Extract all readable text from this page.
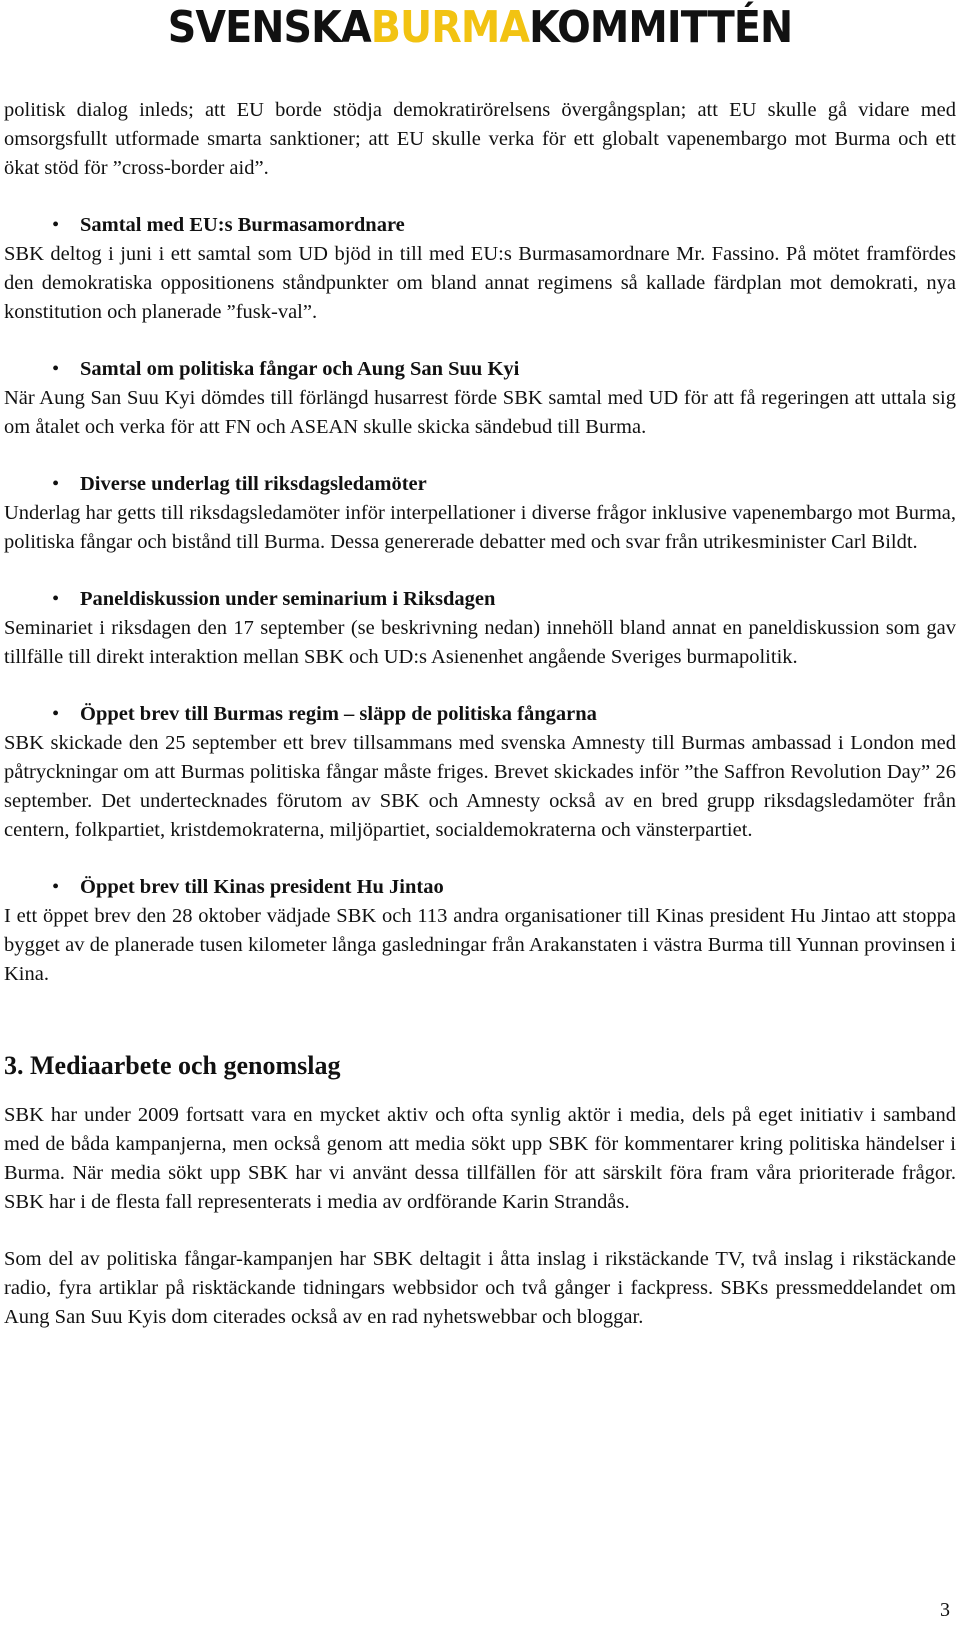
SVENSKABURMAKOMMITTÉN

politisk dialog inleds; att EU borde stödja demokratirörelsens övergångsplan; att EU skulle gå vidare med omsorgsfullt utformade smarta sanktioner; att EU skulle verka för ett globalt vapenembargo mot Burma och ett ökat stöd för ”cross-border aid”.

• Samtal med EU:s Burmasamordnare

SBK deltog i juni i ett samtal som UD bjöd in till med EU:s Burmasamordnare Mr. Fassino. På mötet framfördes den demokratiska oppositionens ståndpunkter om bland annat regimens så kallade färdplan mot demokrati, nya konstitution och planerade ”fusk-val”.

• Samtal om politiska fångar och Aung San Suu Kyi

När Aung San Suu Kyi dömdes till förlängd husarrest förde SBK samtal med UD för att få regeringen att uttala sig om åtalet och verka för att FN och ASEAN skulle skicka sändebud till Burma.

• Diverse underlag till riksdagsledamöter

Underlag har getts till riksdagsledamöter inför interpellationer i diverse frågor inklusive vapenembargo mot Burma, politiska fångar och bistånd till Burma. Dessa genererade debatter med och svar från utrikesminister Carl Bildt.

• Paneldiskussion under seminarium i Riksdagen

Seminariet i riksdagen den 17 september (se beskrivning nedan) innehöll bland annat en paneldiskussion som gav tillfälle till direkt interaktion mellan SBK och UD:s Asienenhet angående Sveriges burmapolitik.

• Öppet brev till Burmas regim – släpp de politiska fångarna

SBK skickade den 25 september ett brev tillsammans med svenska Amnesty till Burmas ambassad i London med påtryckningar om att Burmas politiska fångar måste friges. Brevet skickades inför ”the Saffron Revolution Day” 26 september. Det undertecknades förutom av SBK och Amnesty också av en bred grupp riksdagsledamöter från centern, folkpartiet, kristdemokraterna, miljöpartiet, socialdemokraterna och vänsterpartiet.

• Öppet brev till Kinas president Hu Jintao

I ett öppet brev den 28 oktober vädjade SBK och 113 andra organisationer till Kinas president Hu Jintao att stoppa bygget av de planerade tusen kilometer långa gasledningar från Arakanstaten i västra Burma till Yunnan provinsen i Kina.

3. Mediaarbete och genomslag

SBK har under 2009 fortsatt vara en mycket aktiv och ofta synlig aktör i media, dels på eget initiativ i samband med de båda kampanjerna, men också genom att media sökt upp SBK för kommentarer kring politiska händelser i Burma. När media sökt upp SBK har vi använt dessa tillfällen för att särskilt föra fram våra prioriterade frågor. SBK har i de flesta fall representerats i media av ordförande Karin Strandås.

Som del av politiska fångar-kampanjen har SBK deltagit i åtta inslag i rikstäckande TV, två inslag i rikstäckande radio, fyra artiklar på risktäckande tidningars webbsidor och två gånger i fackpress. SBKs pressmeddelandet om Aung San Suu Kyis dom citerades också av en rad nyhetswebbar och bloggar.

3
